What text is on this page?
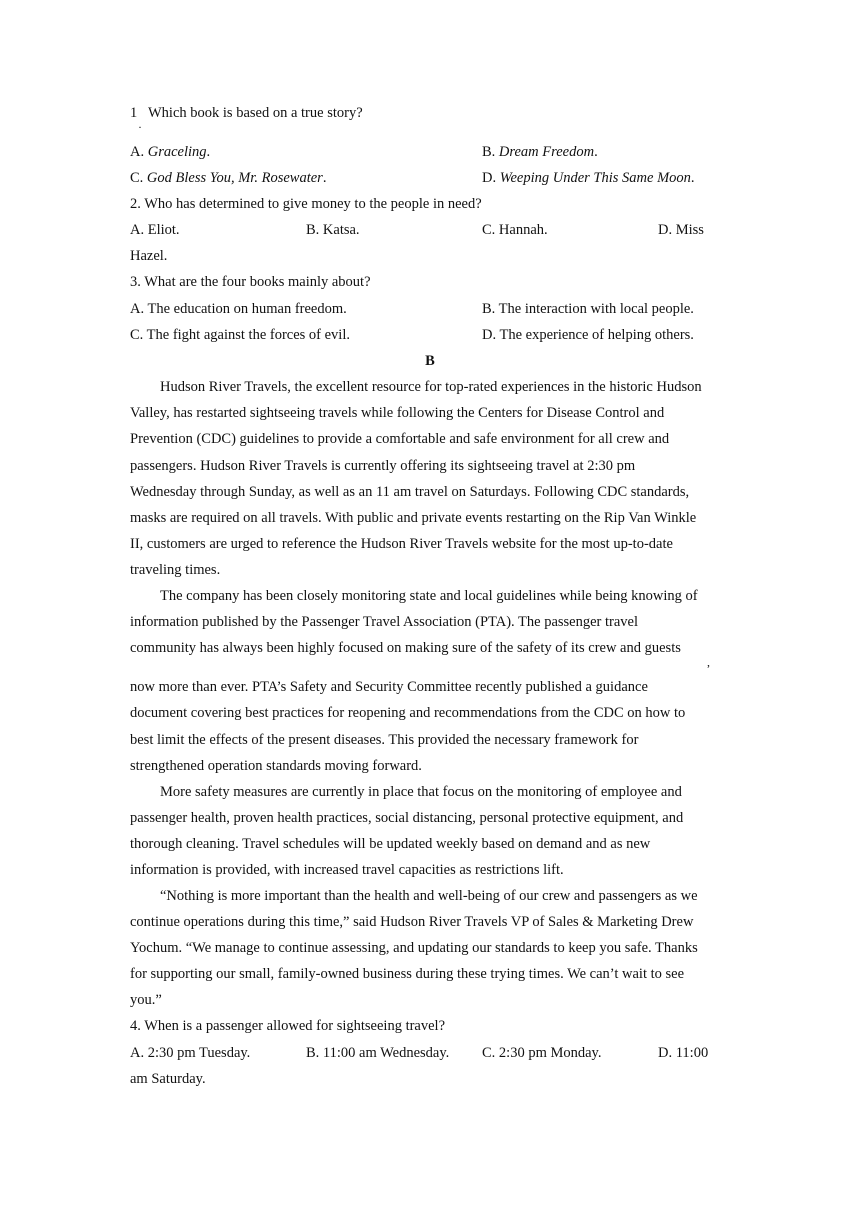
1
·
Which book is based on a true story?
A. Graceling.	B. Dream Freedom.
C. God Bless You, Mr. Rosewater.	D. Weeping Under This Same Moon.
2. Who has determined to give money to the people in need?
A. Eliot.	B. Katsa.	C. Hannah.	D. Miss
Hazel.
3. What are the four books mainly about?
A. The education on human freedom.	B. The interaction with local people.
C. The fight against the forces of evil.	D. The experience of helping others.
B
Hudson River Travels, the excellent resource for top-rated experiences in the historic Hudson
Valley, has restarted sightseeing travels while following the Centers for Disease Control and
Prevention (CDC) guidelines to provide a comfortable and safe environment for all crew and
passengers. Hudson River Travels is currently offering its sightseeing travel at 2:30 pm
Wednesday through Sunday, as well as an 11 am travel on Saturdays. Following CDC standards,
masks are required on all travels. With public and private events restarting on the Rip Van Winkle
II, customers are urged to reference the Hudson River Travels website for the most up-to-date
traveling times.
The company has been closely monitoring state and local guidelines while being knowing of
information published by the Passenger Travel Association (PTA). The passenger travel
community has always been highly focused on making sure of the safety of its crew and guests
,
now more than ever. PTA’s Safety and Security Committee recently published a guidance
document covering best practices for reopening and recommendations from the CDC on how to
best limit the effects of the present diseases. This provided the necessary framework for
strengthened operation standards moving forward.
More safety measures are currently in place that focus on the monitoring of employee and
passenger health, proven health practices, social distancing, personal protective equipment, and
thorough cleaning. Travel schedules will be updated weekly based on demand and as new
information is provided, with increased travel capacities as restrictions lift.
“Nothing is more important than the health and well-being of our crew and passengers as we
continue operations during this time,” said Hudson River Travels VP of Sales & Marketing Drew
Yochum. “We manage to continue assessing, and updating our standards to keep you safe. Thanks
for supporting our small, family-owned business during these trying times. We can’t wait to see
you.”
4. When is a passenger allowed for sightseeing travel?
A. 2:30 pm Tuesday.	B. 11:00 am Wednesday. C. 2:30 pm Monday.	D. 11:00
am Saturday.
